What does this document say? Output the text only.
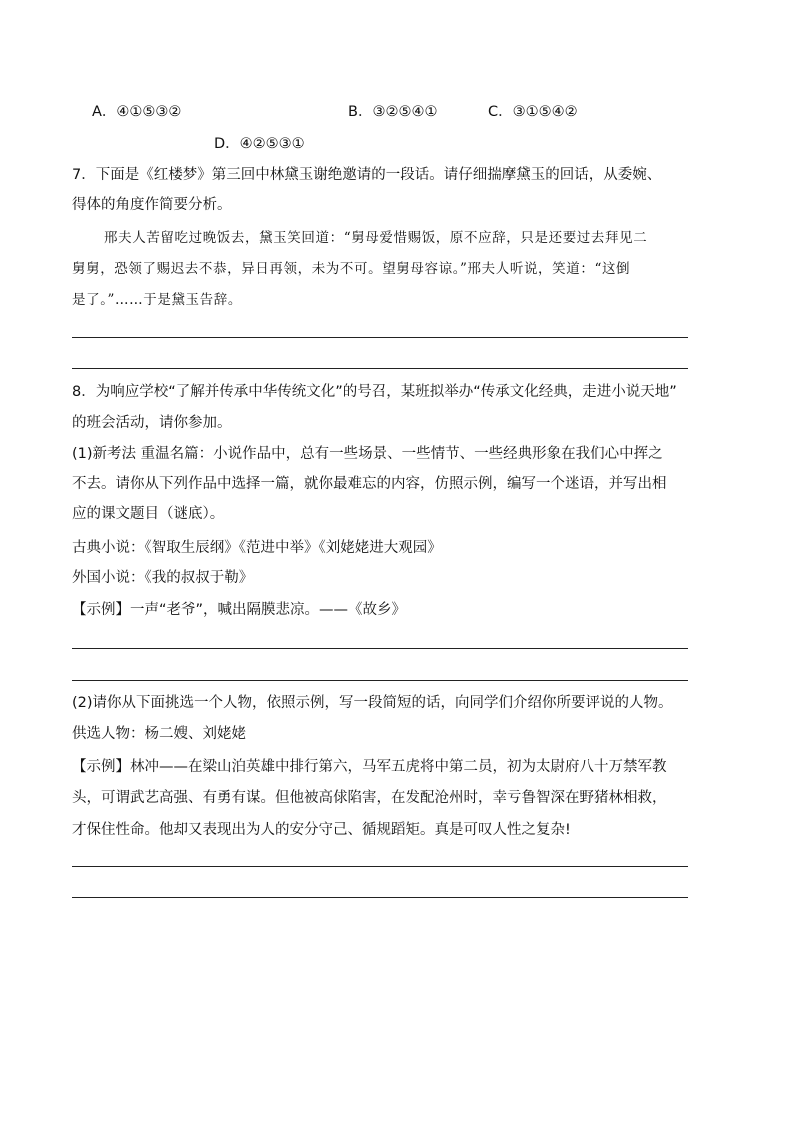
A．④①⑤③②	B．③②⑤④①	C．③①⑤④②
D．④②⑤③①
7．下面是《红楼梦》第三回中林黛玉谢绝邀请的一段话。请仔细揣摩黛玉的回话，从委婉、
得体的角度作简要分析。
邢夫人苦留吃过晚饭去，黛玉笑回道：“舅母爱惜赐饭，原不应辞，只是还要过去拜见二
舅舅，恐领了赐迟去不恭，异日再领，未为不可。望舅母容谅。”邢夫人听说，笑道：“这倒
是了。”……于是黛玉告辞。
8．为响应学校“了解并传承中华传统文化”的号召，某班拟举办“传承文化经典，走进小说天地”
的班会活动，请你参加。
(1)新考法 重温名篇：小说作品中，总有一些场景、一些情节、一些经典形象在我们心中挥之
不去。请你从下列作品中选择一篇，就你最难忘的内容，仿照示例，编写一个迷语，并写出相
应的课文题目（谜底）。
古典小说：《智取生辰纲》《范进中举》《刘姥姥进大观园》
外国小说：《我的叔叔于勒》
【示例】一声“老爷”，喊出隔膜悲凉。——《故乡》
(2)请你从下面挑选一个人物，依照示例，写一段简短的话，向同学们介绍你所要评说的人物。
供选人物：杨二嫂、刘姥姥
【示例】林冲——在梁山泊英雄中排行第六，马军五虎将中第二员，初为太尉府八十万禁军教
头，可谓武艺高强、有勇有谋。但他被高俅陷害，在发配沧州时，幸亏鲁智深在野猪林相救，
才保住性命。他却又表现出为人的安分守己、循规蹈矩。真是可叹人性之复杂!
